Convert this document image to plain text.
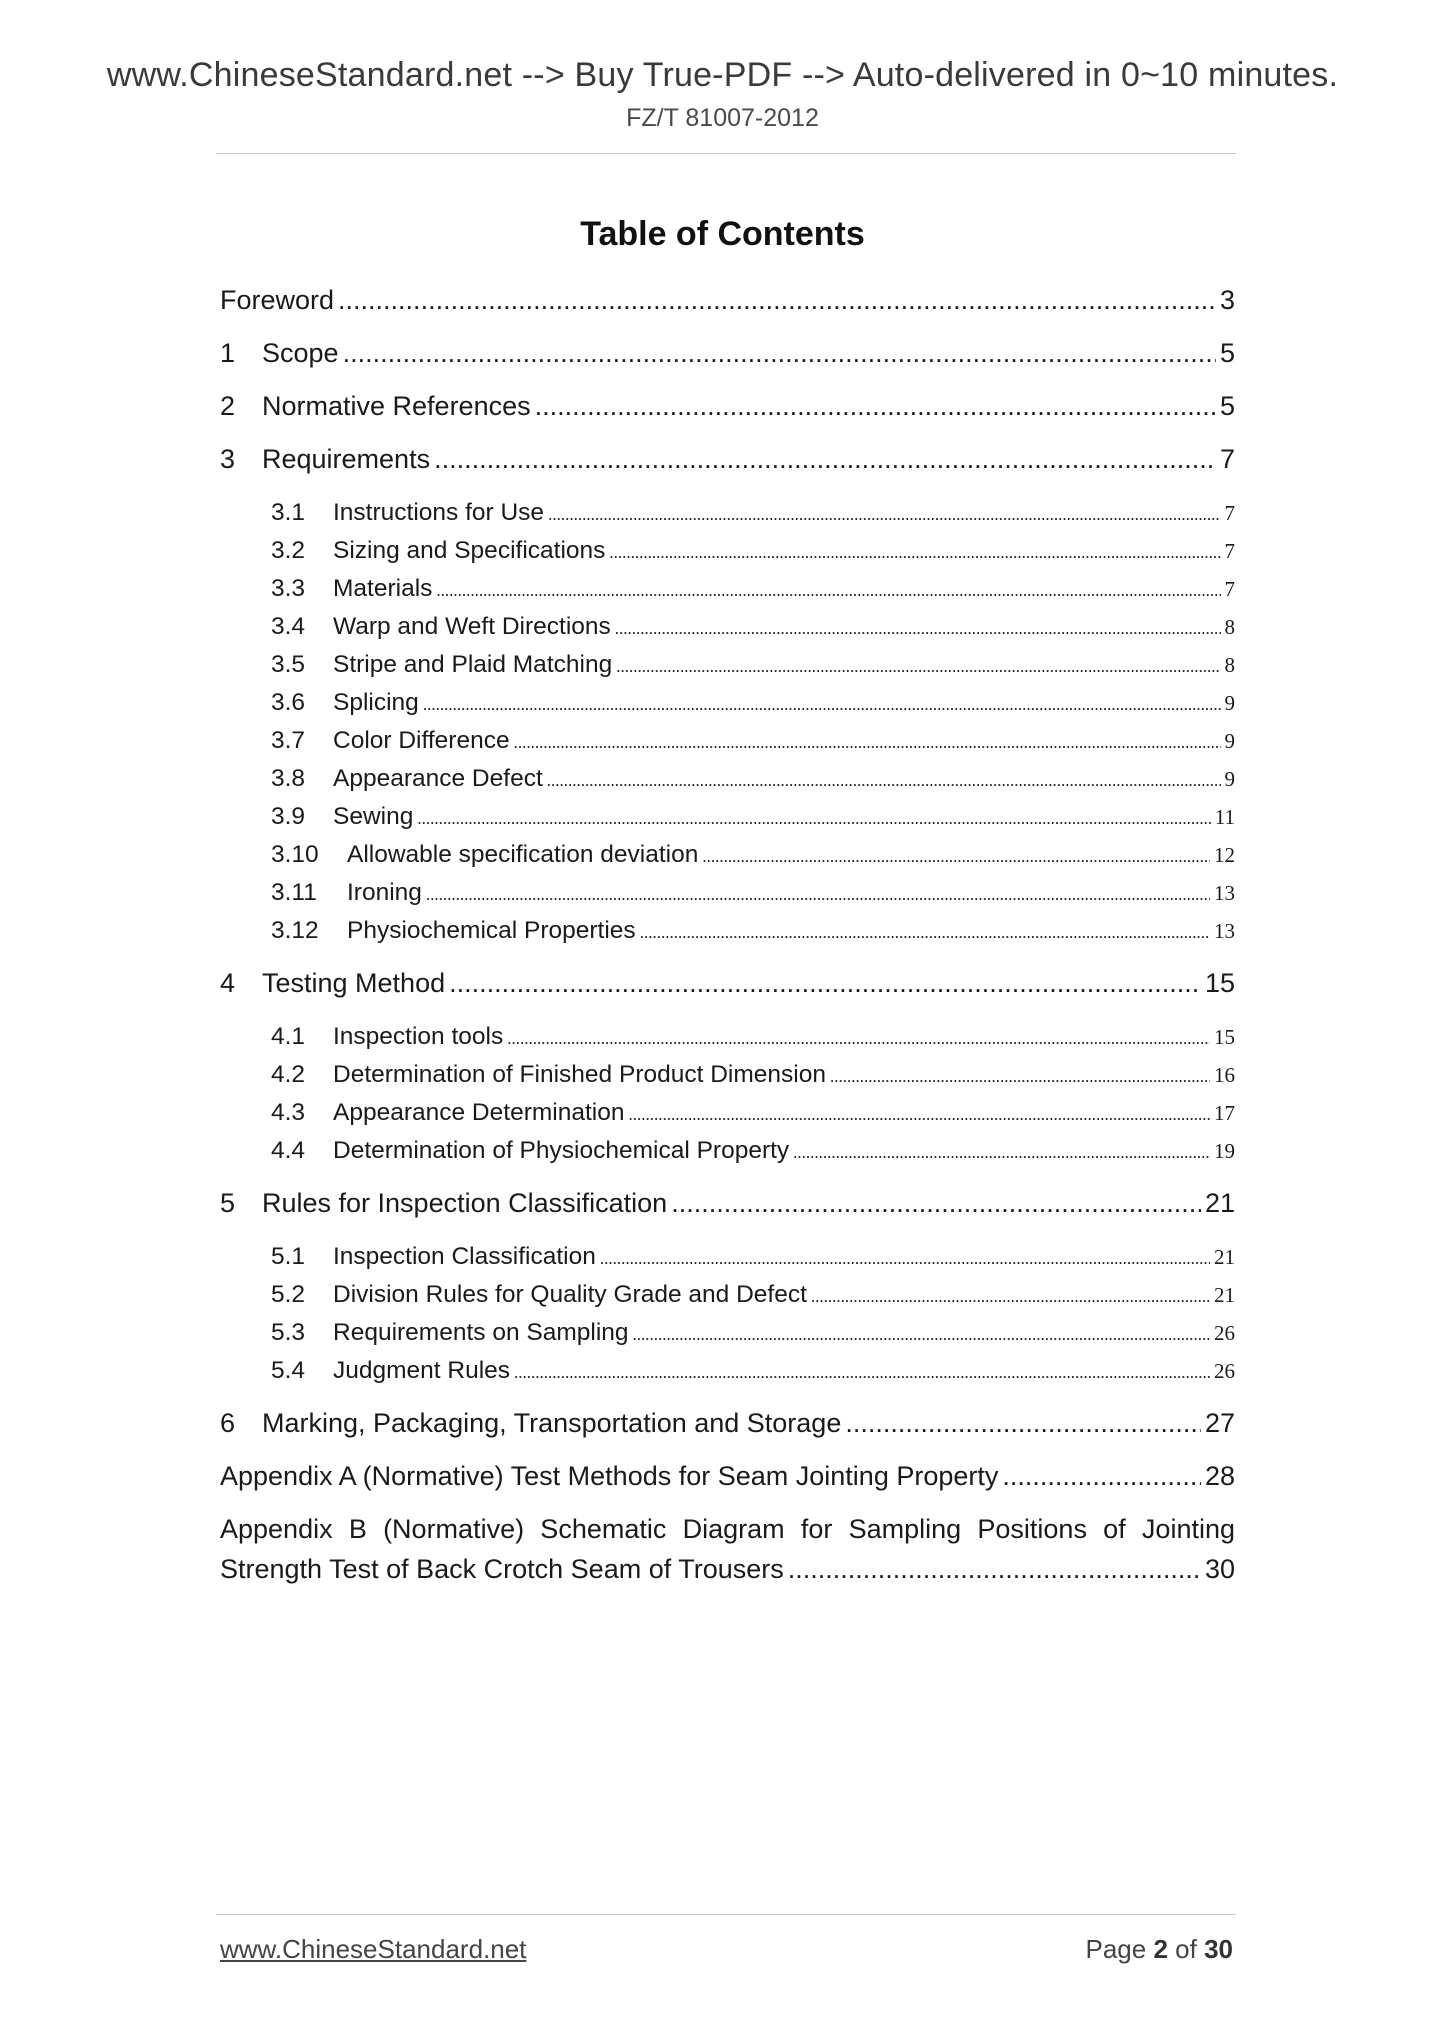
www.ChineseStandard.net --> Buy True-PDF --> Auto-delivered in 0~10 minutes.
FZ/T 81007-2012
Table of Contents
Foreword .....	3
1 Scope .....	5
2 Normative References .....	5
3 Requirements .....	7
3.1	Instructions for Use .....	7
3.2	Sizing and Specifications .....	7
3.3	Materials .....	7
3.4	Warp and Weft Directions .....	8
3.5	Stripe and Plaid Matching .....	8
3.6	Splicing .....	9
3.7	Color Difference .....	9
3.8	Appearance Defect .....	9
3.9	Sewing .....	11
3.10	Allowable specification deviation .....	12
3.11	Ironing .....	13
3.12	Physiochemical Properties .....	13
4 Testing Method .....	15
4.1	Inspection tools .....	15
4.2	Determination of Finished Product Dimension .....	16
4.3	Appearance Determination .....	17
4.4	Determination of Physiochemical Property .....	19
5 Rules for Inspection Classification .....	21
5.1	Inspection Classification .....	21
5.2	Division Rules for Quality Grade and Defect .....	21
5.3	Requirements on Sampling .....	26
5.4	Judgment Rules .....	26
6 Marking, Packaging, Transportation and Storage .....	27
Appendix A (Normative) Test Methods for Seam Jointing Property .....	28
Appendix B (Normative) Schematic Diagram for Sampling Positions of Jointing
Strength Test of Back Crotch Seam of Trousers .....	30
www.ChineseStandard.net	Page 2 of 30
